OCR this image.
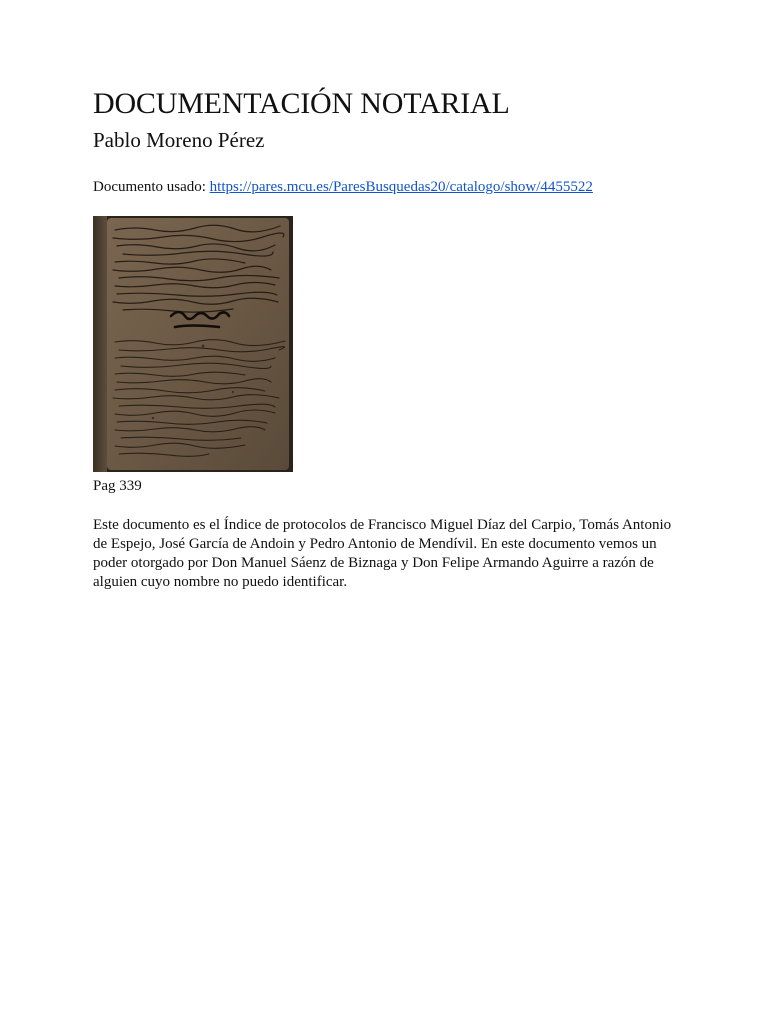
DOCUMENTACIÓN NOTARIAL
Pablo Moreno Pérez

Documento usado: https://pares.mcu.es/ParesBusquedas20/catalogo/show/4455522

Pag 339

Este documento es el Índice de protocolos de Francisco Miguel Díaz del Carpio, Tomás Antonio de Espejo, José García de Andoin y Pedro Antonio de Mendívil. En este documento vemos un poder otorgado por Don Manuel Sáenz de Biznaga y Don Felipe Armando Aguirre a razón de alguien cuyo nombre no puedo identificar.
